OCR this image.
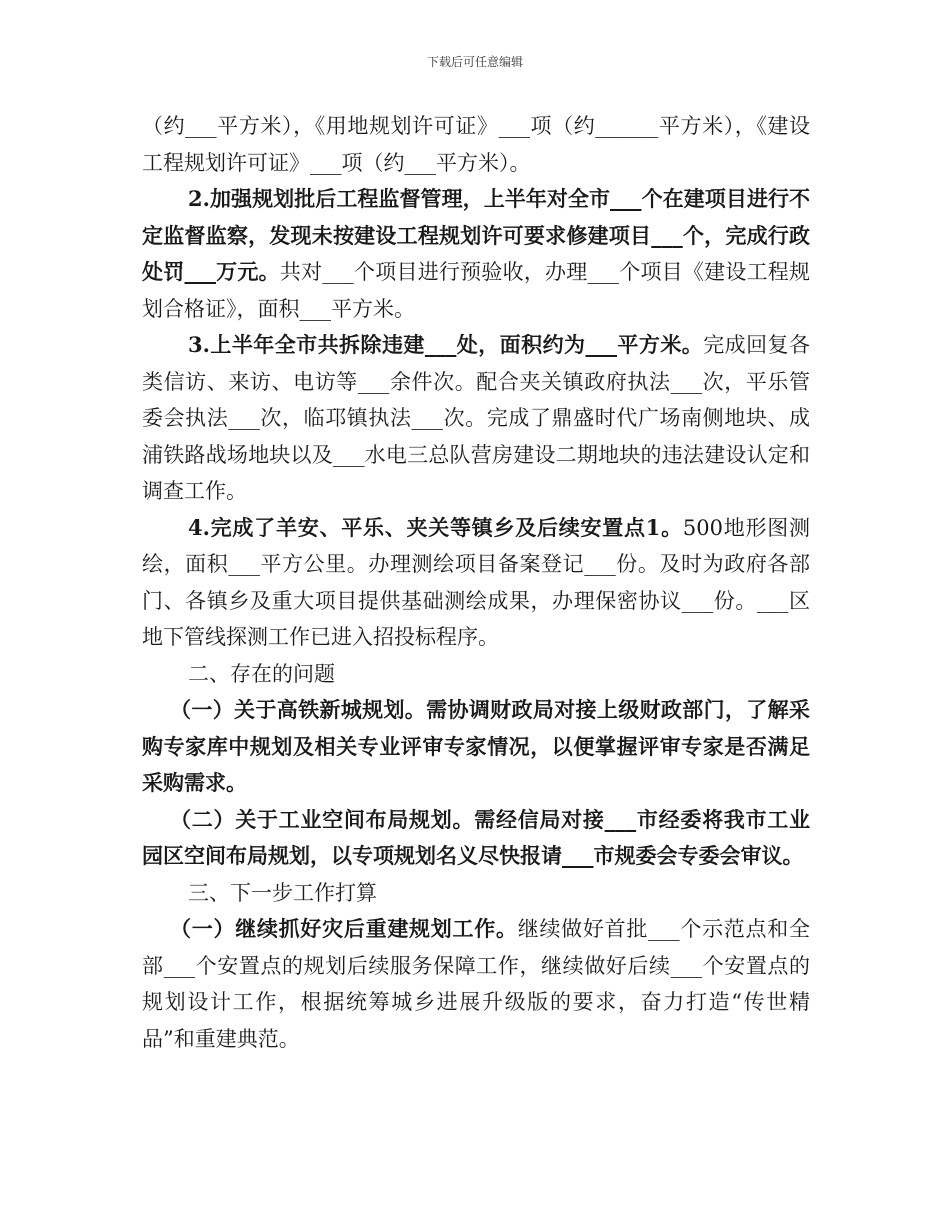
下载后可任意编辑

（约___平方米），《用地规划许可证》___项（约______平方米），《建设工程规划许可证》___项（约___平方米）。

2.加强规划批后工程监督管理，上半年对全市___个在建项目进行不定监督监察，发现未按建设工程规划许可要求修建项目___个，完成行政处罚___万元。共对___个项目进行预验收，办理___个项目《建设工程规划合格证》，面积___平方米。

3.上半年全市共拆除违建___处，面积约为___平方米。完成回复各类信访、来访、电访等___余件次。配合夹关镇政府执法___次，平乐管委会执法___次，临邛镇执法___次。完成了鼎盛时代广场南侧地块、成浦铁路战场地块以及___水电三总队营房建设二期地块的违法建设认定和调查工作。

4.完成了羊安、平乐、夹关等镇乡及后续安置点1。500地形图测绘，面积___平方公里。办理测绘项目备案登记___份。及时为政府各部门、各镇乡及重大项目提供基础测绘成果，办理保密协议___份。___区地下管线探测工作已进入招投标程序。

二、存在的问题

（一）关于高铁新城规划。需协调财政局对接上级财政部门，了解采购专家库中规划及相关专业评审专家情况，以便掌握评审专家是否满足采购需求。

（二）关于工业空间布局规划。需经信局对接___市经委将我市工业园区空间布局规划，以专项规划名义尽快报请___市规委会专委会审议。

三、下一步工作打算

（一）继续抓好灾后重建规划工作。继续做好首批___个示范点和全部___个安置点的规划后续服务保障工作，继续做好后续___个安置点的规划设计工作，根据统筹城乡进展升级版的要求，奋力打造“传世精品”和重建典范。
